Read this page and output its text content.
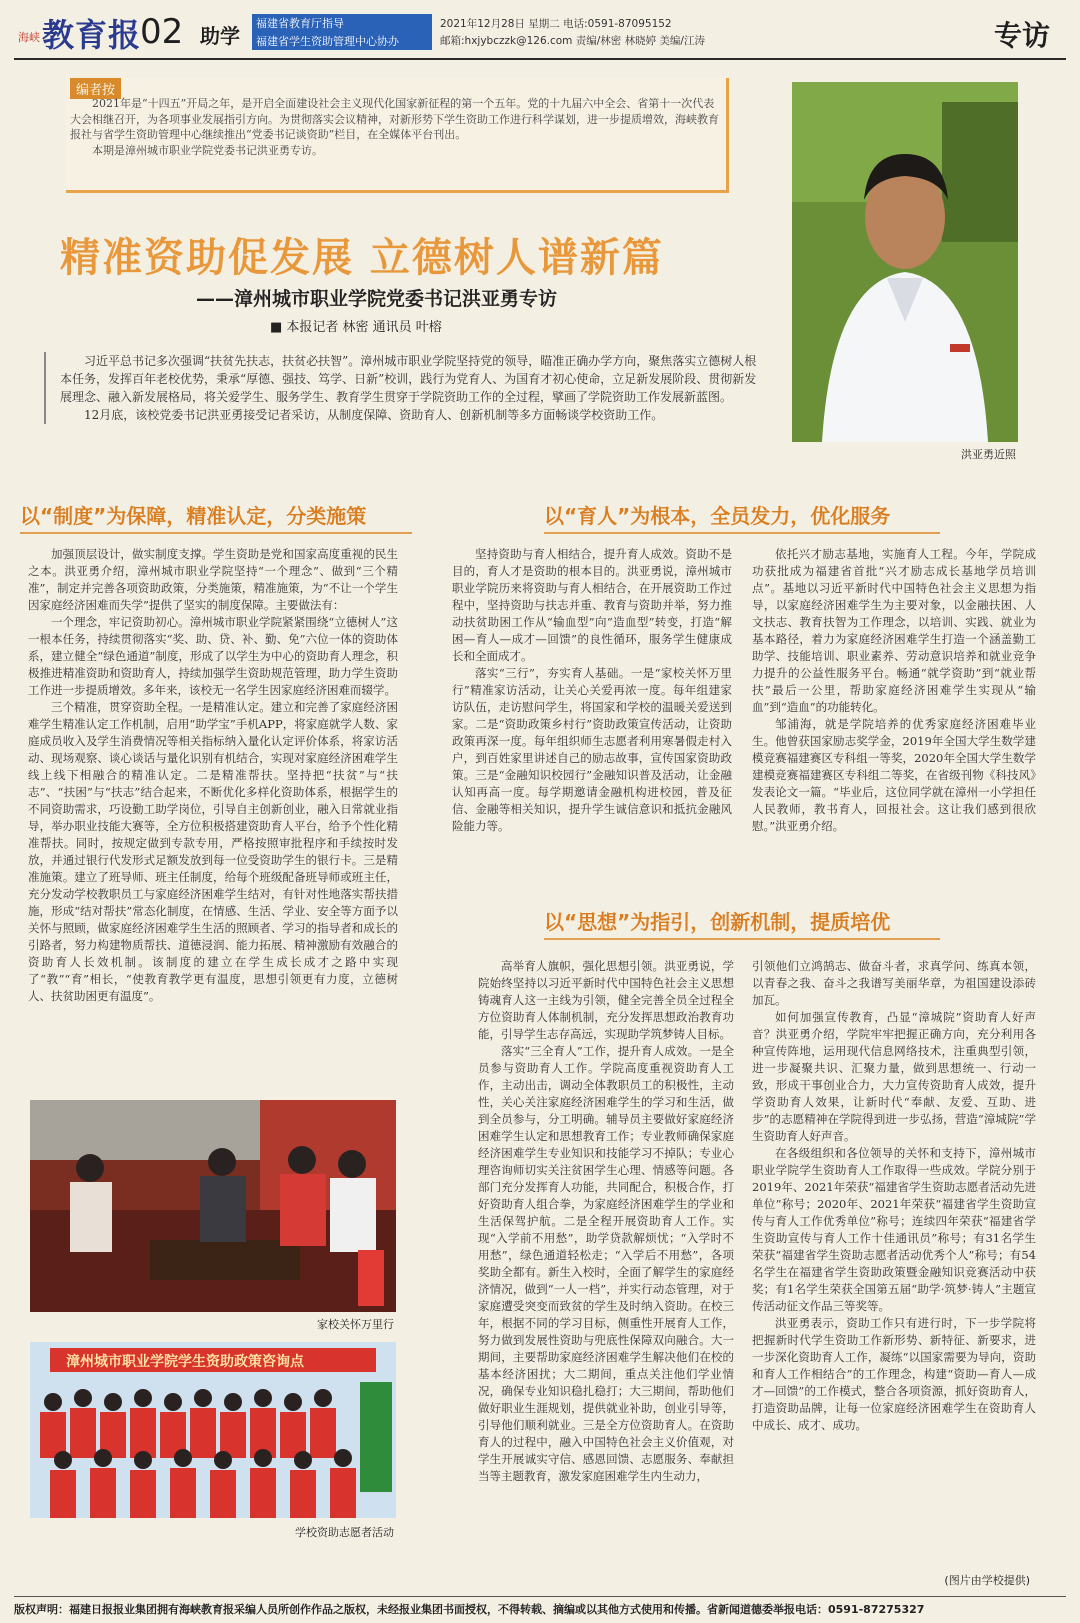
海峡教育报
02 助学
福建省教育厅指导
福建省学生资助管理中心协办
2021年12月28日 星期二 电话:0591-87095152
邮箱:hxjybczzk@126.com 责编/林密 林晓婷 美编/江涛	专访
编者按
2021年是“十四五”开局之年，是开启全面建设社会主义现代化国家新征程的第一个五年。党的十九届六中全会、省第十一次代表大会相继召开，为各项事业发展指引方向。为贯彻落实会议精神，对新形势下学生资助工作进行科学谋划，进一步提质增效，海峡教育报社与省学生资助管理中心继续推出“党委书记谈资助”栏目，在全媒体平台刊出。
本期是漳州城市职业学院党委书记洪亚勇专访。
洪亚勇近照
精准资助促发展 立德树人谱新篇
——漳州城市职业学院党委书记洪亚勇专访
■ 本报记者 林密 通讯员 叶榕

习近平总书记多次强调“扶贫先扶志，扶贫必扶智”。漳州城市职业学院坚持党的领导，瞄准正确办学方向，聚焦落实立德树人根本任务，发挥百年老校优势，秉承“厚德、强技、笃学、日新”校训，践行为党育人、为国育才初心使命，立足新发展阶段、贯彻新发展理念、融入新发展格局，将关爱学生、服务学生、教育学生贯穿于学院资助工作的全过程，擘画了学院资助工作发展新蓝图。

12月底，该校党委书记洪亚勇接受记者采访，从制度保障、资助育人、创新机制等多方面畅谈学校资助工作。

以“制度”为保障，精准认定，分类施策

加强顶层设计，做实制度支撑。学生资助是党和国家高度重视的民生之本。洪亚勇介绍，漳州城市职业学院坚持“一个理念”、做到“三个精准”，制定并完善各项资助政策，分类施策，精准施策，为“不让一个学生因家庭经济困难而失学”提供了坚实的制度保障。主要做法有：

一个理念，牢记资助初心。漳州城市职业学院紧紧围绕“立德树人”这一根本任务，持续贯彻落实“奖、助、贷、补、勤、免”六位一体的资助体系，建立健全“绿色通道”制度，形成了以学生为中心的资助育人理念，积极推进精准资助和资助育人，持续加强学生资助规范管理，助力学生资助工作进一步提质增效。多年来，该校无一名学生因家庭经济困难而辍学。

三个精准，贯穿资助全程。一是精准认定。建立和完善了家庭经济困难学生精准认定工作机制，启用“助学宝”手机APP，将家庭就学人数、家庭成员收入及学生消费情况等相关指标纳入量化认定评价体系，将家访活动、现场观察、谈心谈话与量化识别有机结合，实现对家庭经济困难学生线上线下相融合的精准认定。二是精准帮扶。坚持把“扶贫”与“扶志”、“扶困”与“扶志”结合起来，不断优化多样化资助体系，根据学生的不同资助需求，巧设勤工助学岗位，引导自主创新创业，融入日常就业指导，举办职业技能大赛等，全方位积极搭建资助育人平台，给予个性化精准帮扶。同时，按规定做到专款专用，严格按照审批程序和手续按时发放，并通过银行代发形式足额发放到每一位受资助学生的银行卡。三是精准施策。建立了班导师、班主任制度，给每个班级配备班导师或班主任，充分发动学校教职员工与家庭经济困难学生结对，有针对性地落实帮扶措施，形成“结对帮扶”常态化制度，在情感、生活、学业、安全等方面予以关怀与照顾，做家庭经济困难学生生活的照顾者、学习的指导者和成长的引路者，努力构建物质帮扶、道德浸润、能力拓展、精神激励有效融合的资助育人长效机制。该制度的建立在学生成长成才之路中实现了“教”“育”相长，“使教育教学更有温度，思想引领更有力度，立德树人、扶贫助困更有温度”。

以“育人”为根本，全员发力，优化服务

坚持资助与育人相结合，提升育人成效。资助不是目的，育人才是资助的根本目的。洪亚勇说，漳州城市职业学院历来将资助与育人相结合，在开展资助工作过程中，坚持资助与扶志并重、教育与资助并举，努力推动扶贫助困工作从“输血型”向“造血型”转变，打造“解困—育人—成才—回馈”的良性循环，服务学生健康成长和全面成才。

落实“三行”，夯实育人基础。一是“家校关怀万里行”精准家访活动，让关心关爱再浓一度。每年组建家访队伍，走访慰问学生，将国家和学校的温暖关爱送到家。二是“资助政策乡村行”资助政策宣传活动，让资助政策再深一度。每年组织师生志愿者利用寒暑假走村入户，到百姓家里讲述自己的励志故事，宣传国家资助政策。三是“金融知识校园行”金融知识普及活动，让金融认知再高一度。每学期邀请金融机构进校园，普及征信、金融等相关知识，提升学生诚信意识和抵抗金融风险能力等。

依托兴才励志基地，实施育人工程。今年，学院成功获批成为福建省首批“兴才励志成长基地学员培训点”。基地以习近平新时代中国特色社会主义思想为指导，以家庭经济困难学生为主要对象，以金融扶困、人文扶志、教育扶智为工作理念，以培训、实践、就业为基本路径，着力为家庭经济困难学生打造一个涵盖勤工助学、技能培训、职业素养、劳动意识培养和就业竞争力提升的公益性服务平台。畅通“就学资助”到“就业帮扶”最后一公里，帮助家庭经济困难学生实现从“输血”到“造血”的功能转化。

邹浦海，就是学院培养的优秀家庭经济困难毕业生。他曾获国家励志奖学金，2019年全国大学生数学建模竞赛福建赛区专科组一等奖，2020年全国大学生数学建模竞赛福建赛区专科组二等奖，在省级刊物《科技风》发表论文一篇。“毕业后，这位同学就在漳州一小学担任人民教师，教书育人，回报社会。这让我们感到很欣慰。”洪亚勇介绍。

以“思想”为指引，创新机制，提质培优

高举育人旗帜，强化思想引领。洪亚勇说，学院始终坚持以习近平新时代中国特色社会主义思想铸魂育人这一主线为引领，健全完善全员全过程全方位资助育人体制机制，充分发挥思想政治教育功能，引导学生志存高远，实现助学筑梦铸人目标。

落实“三全育人”工作，提升育人成效。一是全员参与资助育人工作。学院高度重视资助育人工作，主动出击，调动全体教职员工的积极性，主动性，关心关注家庭经济困难学生的学习和生活，做到全员参与，分工明确。辅导员主要做好家庭经济困难学生认定和思想教育工作；专业教师确保家庭经济困难学生专业知识和技能学习不掉队；专业心理咨询师切实关注贫困学生心理、情感等问题。各部门充分发挥育人功能，共同配合，积极合作，打好资助育人组合拳，为家庭经济困难学生的学业和生活保驾护航。二是全程开展资助育人工作。实现“入学前不用愁”，助学贷款解烦忧；“入学时不用愁”，绿色通道轻松走；“入学后不用愁”，各项奖助全都有。新生入校时，全面了解学生的家庭经济情况，做到“一人一档”，并实行动态管理，对于家庭遭受突变而致贫的学生及时纳入资助。在校三年，根据不同的学习目标，侧重性开展育人工作，努力做到发展性资助与兜底性保障双向融合。大一期间，主要帮助家庭经济困难学生解决他们在校的基本经济困扰；大二期间，重点关注他们学业情况，确保专业知识稳扎稳打；大三期间，帮助他们做好职业生涯规划，提供就业补助，创业引导等，引导他们顺利就业。三是全方位资助育人。在资助育人的过程中，融入中国特色社会主义价值观，对学生开展诚实守信、感恩回馈、志愿服务、奉献担当等主题教育，激发家庭困难学生内生动力，

引领他们立鸿鹄志、做奋斗者，求真学问、练真本领，以青春之我、奋斗之我谱写美丽华章，为祖国建设添砖加瓦。

如何加强宣传教育，凸显“漳城院”资助育人好声音？洪亚勇介绍，学院牢牢把握正确方向，充分利用各种宣传阵地，运用现代信息网络技术，注重典型引领，进一步凝聚共识、汇聚力量，做到思想统一、行动一致，形成干事创业合力，大力宣传资助育人成效，提升学资助育人效果，让新时代“奉献、友爱、互助、进步”的志愿精神在学院得到进一步弘扬，营造“漳城院”学生资助育人好声音。

在各级组织和各位领导的关怀和支持下，漳州城市职业学院学生资助育人工作取得一些成效。学院分别于2019年、2021年荣获“福建省学生资助志愿者活动先进单位”称号；2020年、2021年荣获“福建省学生资助宣传与育人工作优秀单位”称号；连续四年荣获“福建省学生资助宣传与育人工作十佳通讯员”称号；有31名学生荣获“福建省学生资助志愿者活动优秀个人”称号；有54名学生在福建省学生资助政策暨金融知识竞赛活动中获奖；有1名学生荣获全国第五届“助学·筑梦·铸人”主题宣传活动征文作品三等奖等。

洪亚勇表示，资助工作只有进行时，下一步学院将把握新时代学生资助工作新形势、新特征、新要求，进一步深化资助育人工作，凝练“以国家需要为导向，资助和育人工作相结合”的工作理念，构建“资助—育人—成才—回馈”的工作模式，整合各项资源，抓好资助育人，打造资助品牌，让每一位家庭经济困难学生在资助育人中成长、成才、成功。

(图片由学校提供)
家校关怀万里行
漳州城市职业学院学生资助政策咨询点
学校资助志愿者活动
版权声明：福建日报报业集团拥有海峡教育报采编人员所创作作品之版权，未经报业集团书面授权，不得转载、摘编或以其他方式使用和传播。省新闻道德委举报电话：0591-87275327
